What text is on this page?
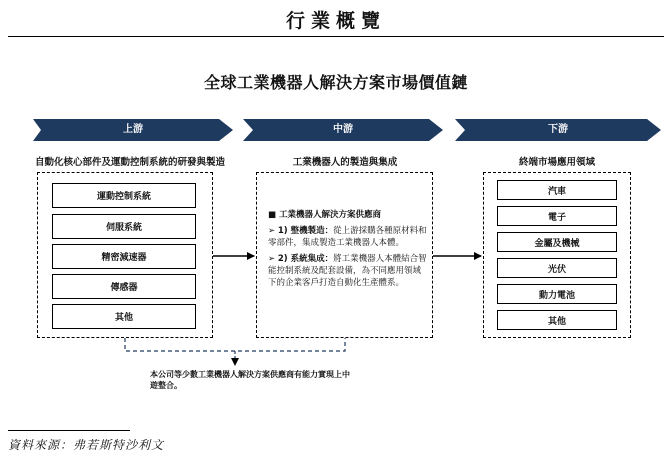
行業概覽
全球工業機器人解決方案市場價值鏈
上游	中游	下游
自動化核心部件及運動控制系統的研發與製造	工業機器人的製造與集成	終端市場應用領域
運動控制系統
伺服系統
精密減速器
傳感器
其他
■ 工業機器人解決方案供應商
➢ 1) 整機製造：從上游採購各種原材料和零部件，集成製造工業機器人本體。
➢ 2) 系統集成：將工業機器人本體結合智能控制系統及配套設備，為不同應用領域下的企業客戶打造自動化生產體系。
汽車
電子
金屬及機械
光伏
動力電池
其他
本公司等少數工業機器人解決方案供應商有能力實現上中遊整合。
資料來源：弗若斯特沙利文
